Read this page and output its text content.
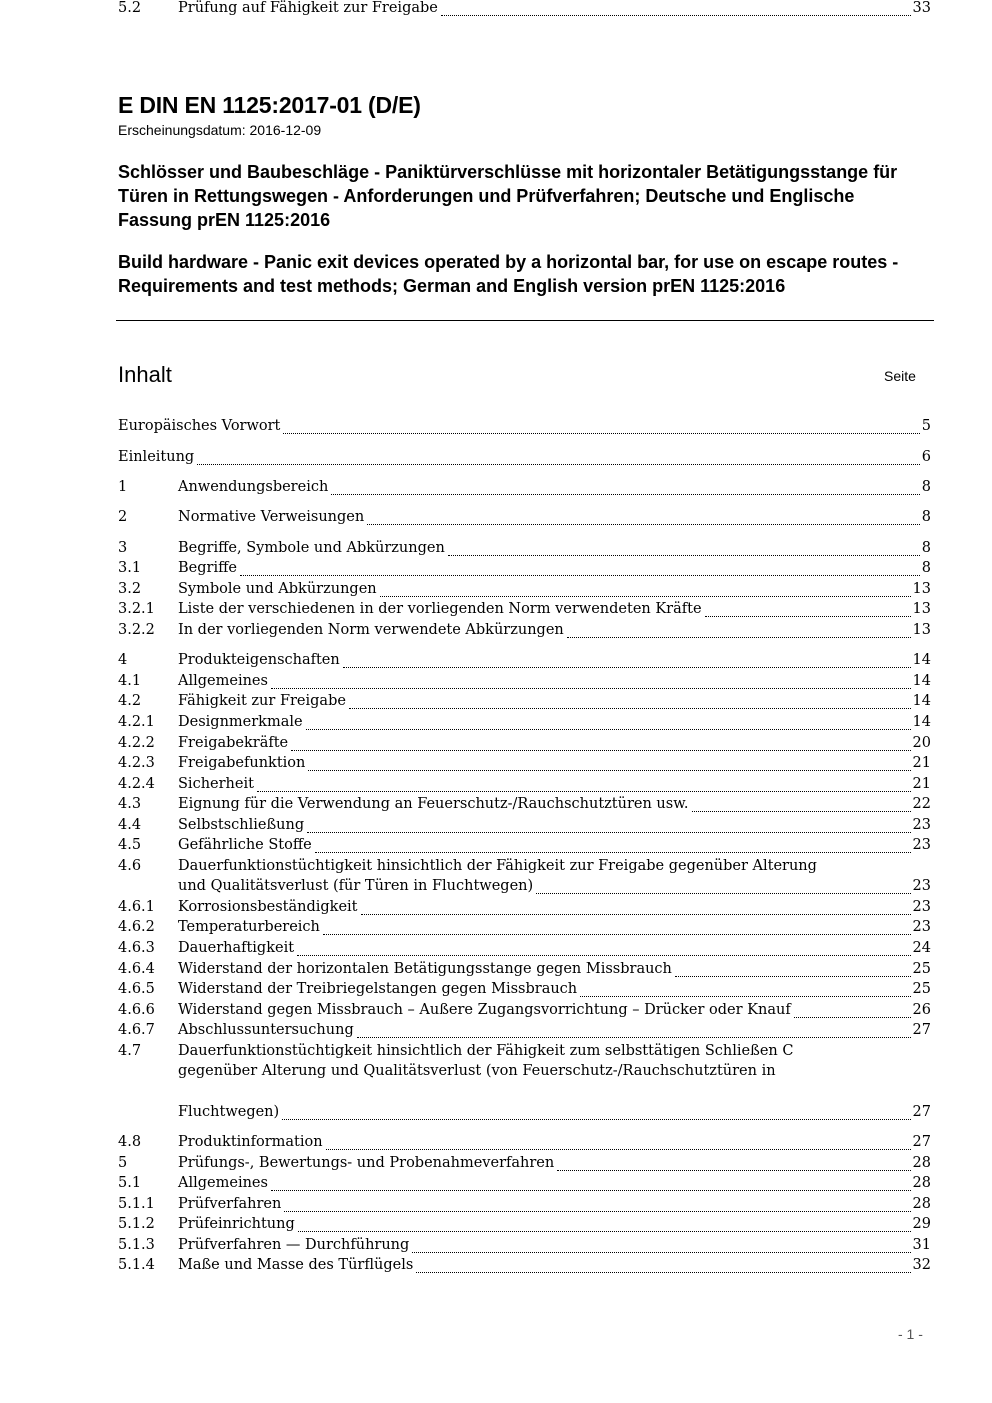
E DIN EN 1125:2017-01 (D/E)
Erscheinungsdatum: 2016-12-09
Schlösser und Baubeschläge - Paniktürverschlüsse mit horizontaler Betätigungsstange für Türen in Rettungswegen - Anforderungen und Prüfverfahren; Deutsche und Englische Fassung prEN 1125:2016
Build hardware - Panic exit devices operated by a horizontal bar, for use on escape routes - Requirements and test methods; German and English version prEN 1125:2016
Inhalt	Seite
Europäisches Vorwort	5
Einleitung	6
1	Anwendungsbereich	8
2	Normative Verweisungen	8
3	Begriffe, Symbole und Abkürzungen	8
3.1	Begriffe	8
3.2	Symbole und Abkürzungen	13
3.2.1	Liste der verschiedenen in der vorliegenden Norm verwendeten Kräfte	13
3.2.2	In der vorliegenden Norm verwendete Abkürzungen	13
4	Produkteigenschaften	14
4.1	Allgemeines	14
4.2	Fähigkeit zur Freigabe	14
4.2.1	Designmerkmale	14
4.2.2	Freigabekräfte	20
4.2.3	Freigabefunktion	21
4.2.4	Sicherheit	21
4.3	Eignung für die Verwendung an Feuerschutz-/Rauchschutztüren usw.	22
4.4	Selbstschließung	23
4.5	Gefährliche Stoffe	23
4.6	Dauerfunktionstüchtigkeit hinsichtlich der Fähigkeit zur Freigabe gegenüber Alterung
und Qualitätsverlust (für Türen in Fluchtwegen)	23
4.6.1	Korrosionsbeständigkeit	23
4.6.2	Temperaturbereich	23
4.6.3	Dauerhaftigkeit	24
4.6.4	Widerstand der horizontalen Betätigungsstange gegen Missbrauch	25
4.6.5	Widerstand der Treibriegelstangen gegen Missbrauch	25
4.6.6	Widerstand gegen Missbrauch – Äußere Zugangsvorrichtung – Drücker oder Knauf	26
4.6.7	Abschlussuntersuchung	27
4.7	Dauerfunktionstüchtigkeit hinsichtlich der Fähigkeit zum selbsttätigen Schließen C
gegenüber Alterung und Qualitätsverlust (von Feuerschutz-/Rauchschutztüren in
Fluchtwegen)	27
4.8	Produktinformation	27
5	Prüfungs-, Bewertungs- und Probenahmeverfahren	28
5.1	Allgemeines	28
5.1.1	Prüfverfahren	28
5.1.2	Prüfeinrichtung	29
5.1.3	Prüfverfahren — Durchführung	31
5.1.4	Maße und Masse des Türflügels	32
5.2	Prüfung auf Fähigkeit zur Freigabe	33
- 1 -
